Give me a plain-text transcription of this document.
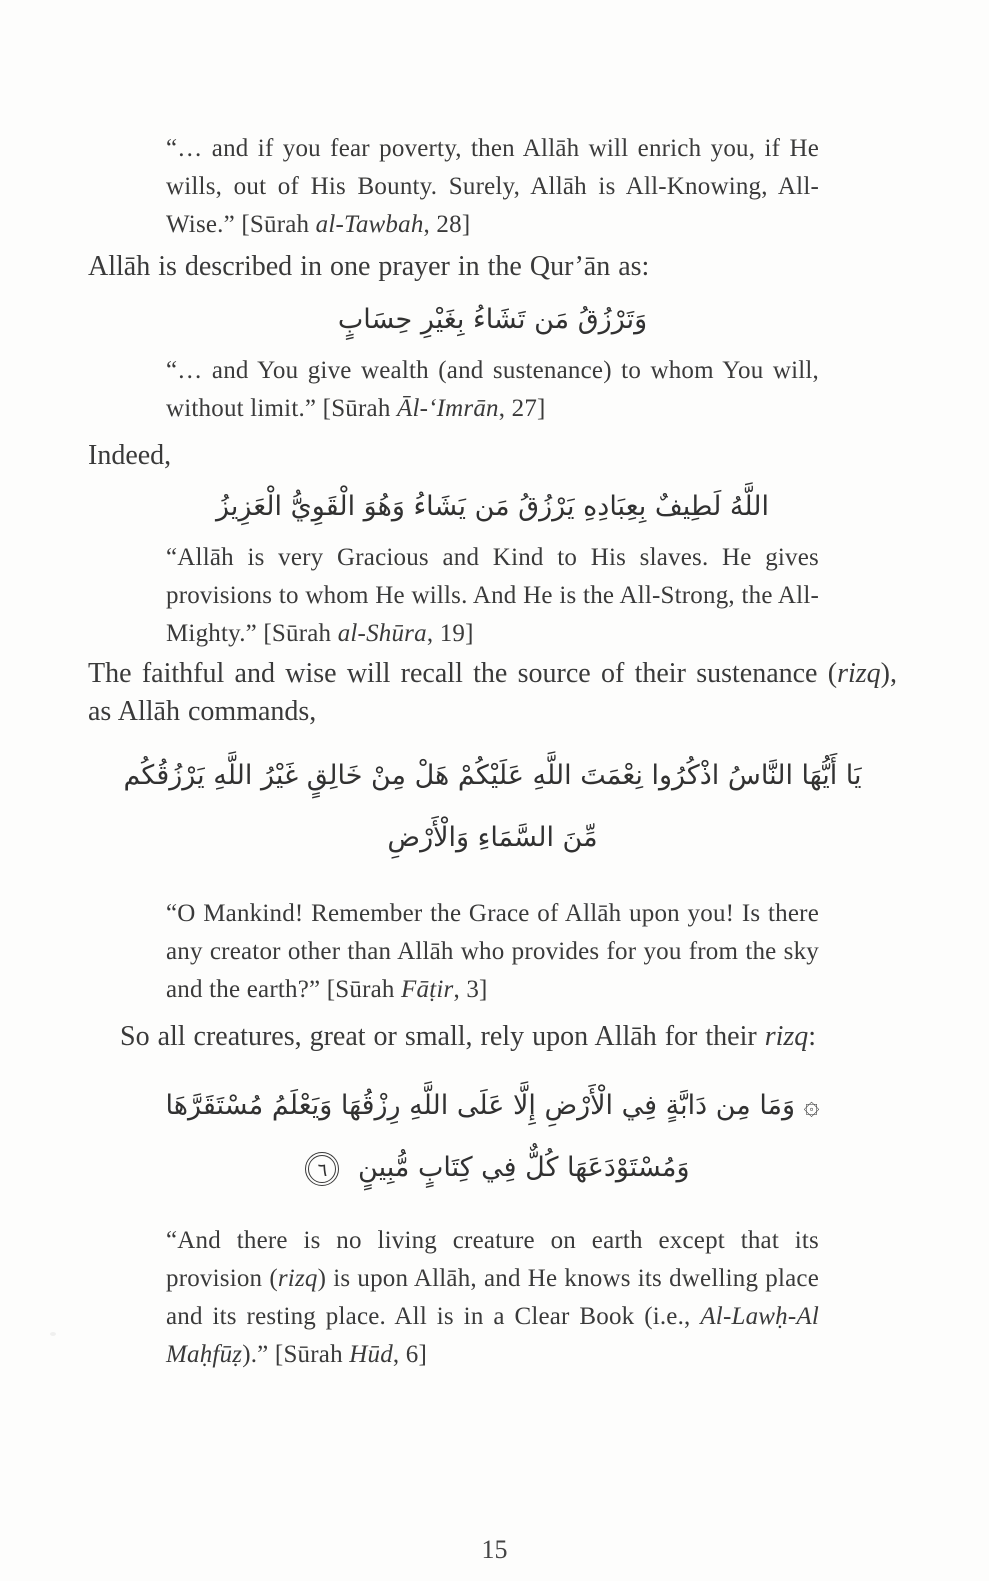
“… and if you fear poverty, then Allāh will enrich you, if He wills, out of His Bounty. Surely, Allāh is All-Knowing, All-Wise.” [Sūrah al-Tawbah, 28]
Allāh is described in one prayer in the Qur’ān as:
وَتَرْزُقُ مَن تَشَاءُ بِغَيْرِ حِسَابٍ
“… and You give wealth (and sustenance) to whom You will, without limit.” [Sūrah Āl-‘Imrān, 27]
Indeed,
اللَّهُ لَطِيفٌ بِعِبَادِهِ يَرْزُقُ مَن يَشَاءُ وَهُوَ الْقَوِيُّ الْعَزِيزُ
“Allāh is very Gracious and Kind to His slaves. He gives provisions to whom He wills. And He is the All-Strong, the All-Mighty.” [Sūrah al-Shūra, 19]
The faithful and wise will recall the source of their sustenance (rizq), as Allāh commands,
يَا أَيُّهَا النَّاسُ اذْكُرُوا نِعْمَتَ اللَّهِ عَلَيْكُمْ هَلْ مِنْ خَالِقٍ غَيْرُ اللَّهِ يَرْزُقُكُم
مِّنَ السَّمَاءِ وَالْأَرْضِ
“O Mankind! Remember the Grace of Allāh upon you! Is there any creator other than Allāh who provides for you from the sky and the earth?” [Sūrah Fāṭir, 3]
So all creatures, great or small, rely upon Allāh for their rizq:
۞ وَمَا مِن دَابَّةٍ فِي الْأَرْضِ إِلَّا عَلَى اللَّهِ رِزْقُهَا وَيَعْلَمُ مُسْتَقَرَّهَا
وَمُسْتَوْدَعَهَا كُلٌّ فِي كِتَابٍ مُّبِينٍ ٦
“And there is no living creature on earth except that its provision (rizq) is upon Allāh, and He knows its dwelling place and its resting place. All is in a Clear Book (i.e., Al-Lawḥ-Al Maḥfūẓ).” [Sūrah Hūd, 6]
15
